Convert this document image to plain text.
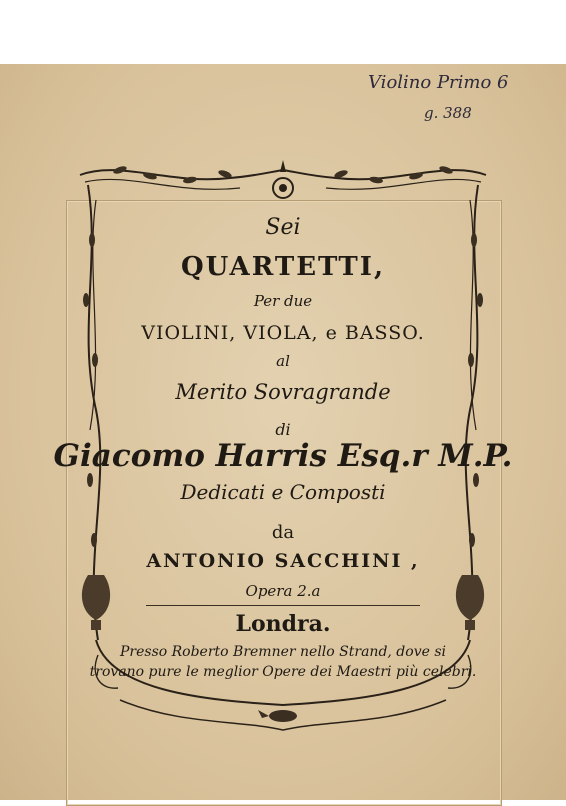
Violino Primo 6
g. 388
Sei
QUARTETTI,
Per due
VIOLINI, VIOLA, e BASSO.
al
Merito Sovragrande
di
Giacomo Harris Esq.r M.P.
Dedicati e Composti
da
ANTONIO SACCHINI ,
Opera 2.a
Londra.
Presso Roberto Bremner nello Strand, dove si
trovano pure le meglior Opere dei Maestri più celebri.
